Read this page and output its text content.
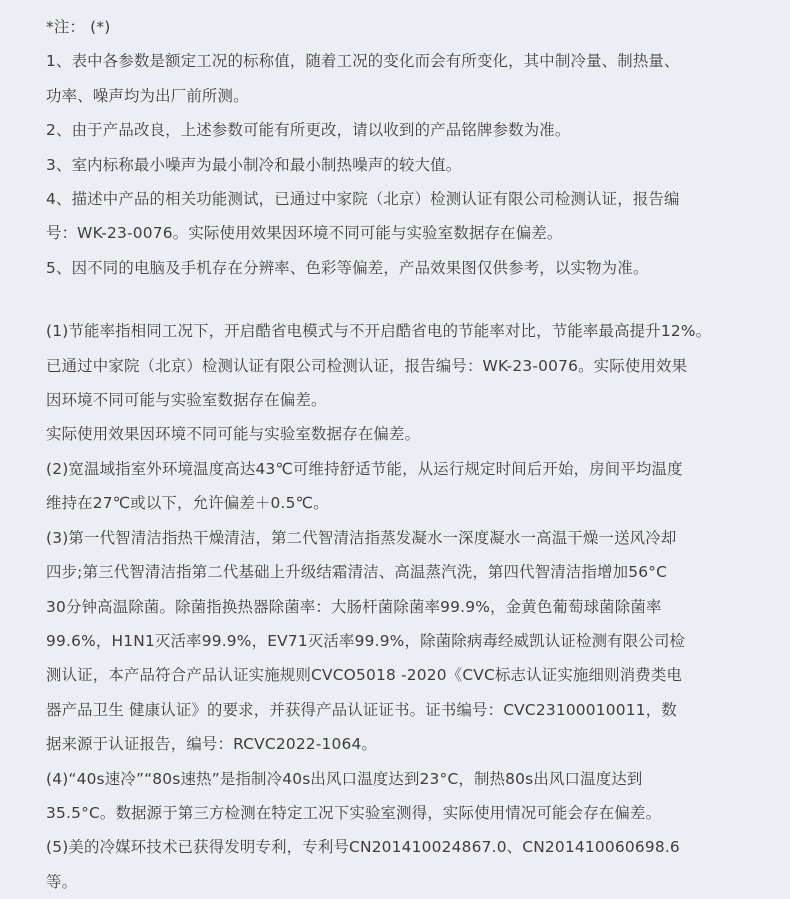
*注： (*)
1、表中各参数是额定工况的标称值，随着工况的变化而会有所变化，其中制冷量、制热量、
功率、噪声均为出厂前所测。
2、由于产品改良，上述参数可能有所更改，请以收到的产品铭牌参数为准。
3、室内标称最小噪声为最小制冷和最小制热噪声的较大值。
4、描述中产品的相关功能测试，已通过中家院（北京）检测认证有限公司检测认证，报告编
号：WK-23-0076。实际使用效果因环境不同可能与实验室数据存在偏差。
5、因不同的电脑及手机存在分辨率、色彩等偏差，产品效果图仅供参考，以实物为准。
(1)节能率指相同工况下，开启酷省电模式与不开启酷省电的节能率对比，节能率最高提升12%。
已通过中家院（北京）检测认证有限公司检测认证，报告编号：WK-23-0076。实际使用效果
因环境不同可能与实验室数据存在偏差。
实际使用效果因环境不同可能与实验室数据存在偏差。
(2)宽温域指室外环境温度高达43℃可维持舒适节能，从运行规定时间后开始，房间平均温度
维持在27℃或以下，允许偏差＋0.5℃。
(3)第一代智清洁指热干燥清洁，第二代智清洁指蒸发凝水一深度凝水一高温干燥一送风冷却
四步;第三代智清洁指第二代基础上升级结霜清洁、高温蒸汽洗，第四代智清洁指增加56°C
30分钟高温除菌。除菌指换热器除菌率：大肠杆菌除菌率99.9%，金黄色葡萄球菌除菌率
99.6%，H1N1灭活率99.9%，EV71灭活率99.9%，除菌除病毒经威凯认证检测有限公司检
测认证，本产品符合产品认证实施规则CVCO5018 -2020《CVC标志认证实施细则消费类电
器产品卫生 健康认证》的要求，并获得产品认证证书。证书编号：CVC23100010011，数
据来源于认证报告，编号：RCVC2022-1064。
(4)“40s速冷”“80s速热”是指制冷40s出风口温度达到23°C，制热80s出风口温度达到
35.5°C。数据源于第三方检测在特定工况下实验室测得，实际使用情况可能会存在偏差。
(5)美的冷媒环技术已获得发明专利，专利号CN201410024867.0、CN201410060698.6
等。
